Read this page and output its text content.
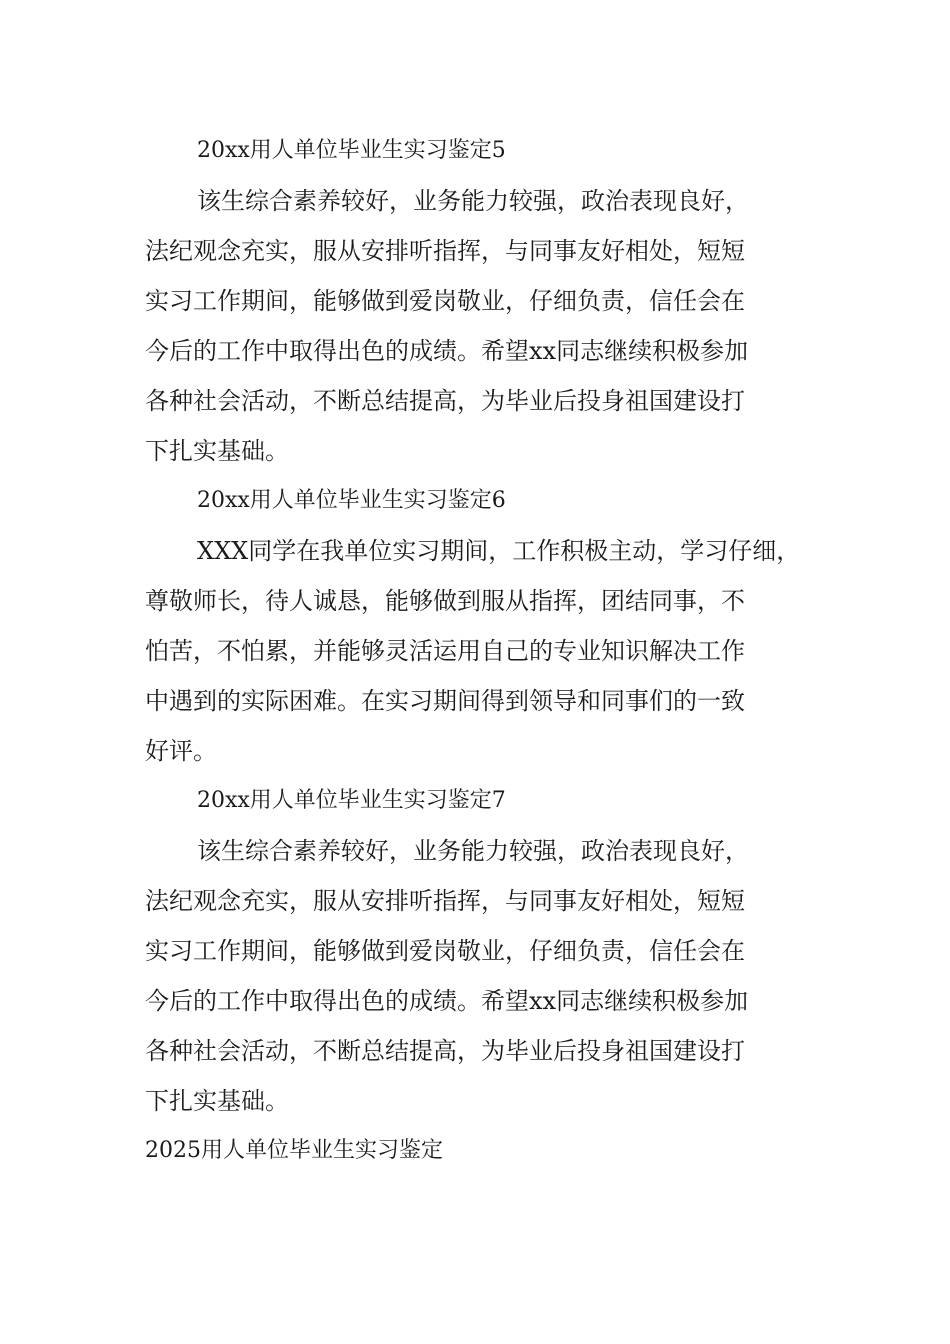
20xx用人单位毕业生实习鉴定5

该生综合素养较好，业务能力较强，政治表现良好，

法纪观念充实，服从安排听指挥，与同事友好相处，短短

实习工作期间，能够做到爱岗敬业，仔细负责，信任会在

今后的工作中取得出色的成绩。希望xx同志继续积极参加

各种社会活动，不断总结提高，为毕业后投身祖国建设打

下扎实基础。

20xx用人单位毕业生实习鉴定6

XXX同学在我单位实习期间，工作积极主动，学习仔细，

尊敬师长，待人诚恳，能够做到服从指挥，团结同事，不

怕苦，不怕累，并能够灵活运用自己的专业知识解决工作

中遇到的实际困难。在实习期间得到领导和同事们的一致

好评。

20xx用人单位毕业生实习鉴定7

该生综合素养较好，业务能力较强，政治表现良好，

法纪观念充实，服从安排听指挥，与同事友好相处，短短

实习工作期间，能够做到爱岗敬业，仔细负责，信任会在

今后的工作中取得出色的成绩。希望xx同志继续积极参加

各种社会活动，不断总结提高，为毕业后投身祖国建设打

下扎实基础。

2025用人单位毕业生实习鉴定
